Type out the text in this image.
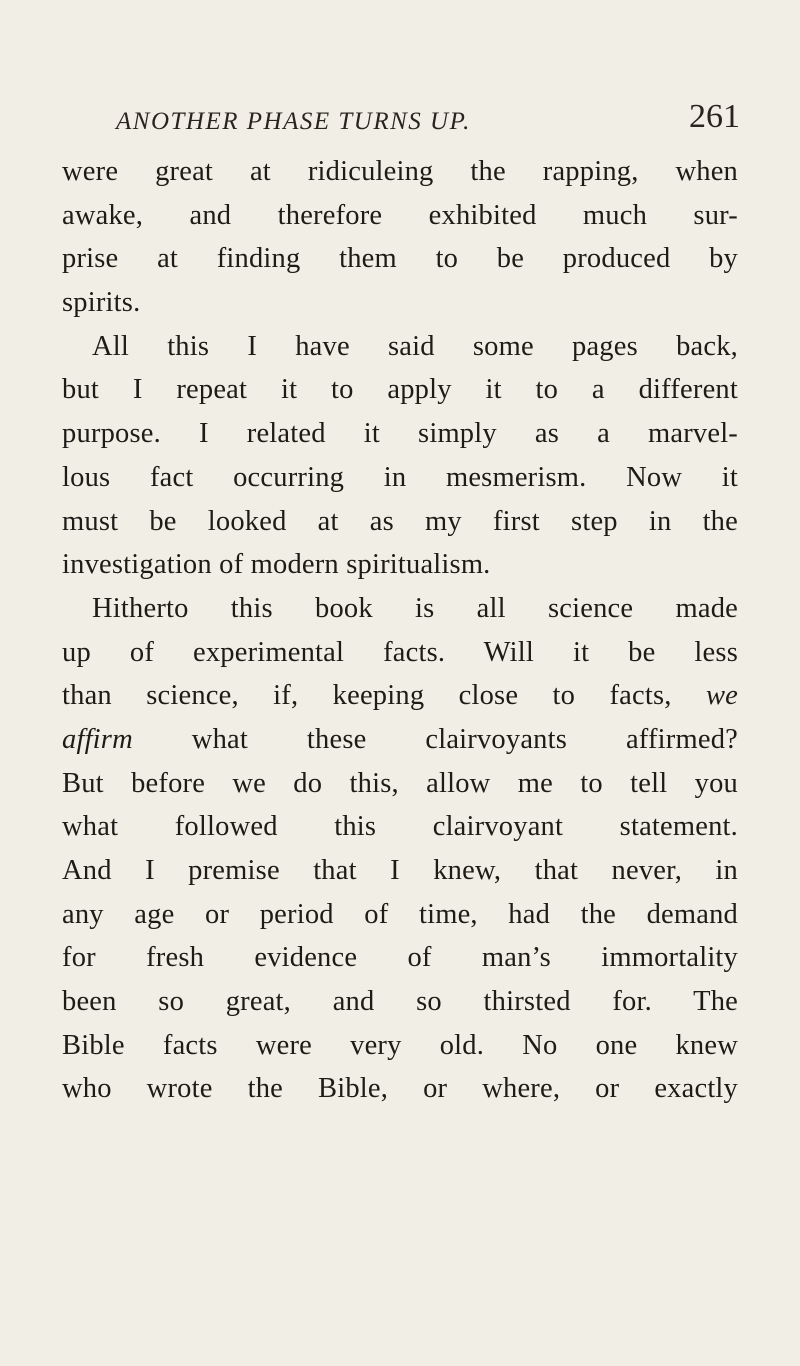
ANOTHER PHASE TURNS UP.	261
were great at ridiculeing the rapping, when
awake, and therefore exhibited much sur-
prise at finding them to be produced by
spirits.
All this I have said some pages back,
but I repeat it to apply it to a different
purpose. I related it simply as a marvel-
lous fact occurring in mesmerism. Now it
must be looked at as my first step in the
investigation of modern spiritualism.
Hitherto this book is all science made
up of experimental facts. Will it be less
than science, if, keeping close to facts, we
affirm what these clairvoyants affirmed?
But before we do this, allow me to tell you
what followed this clairvoyant statement.
And I premise that I knew, that never, in
any age or period of time, had the demand
for fresh evidence of man’s immortality
been so great, and so thirsted for. The
Bible facts were very old. No one knew
who wrote the Bible, or where, or exactly
